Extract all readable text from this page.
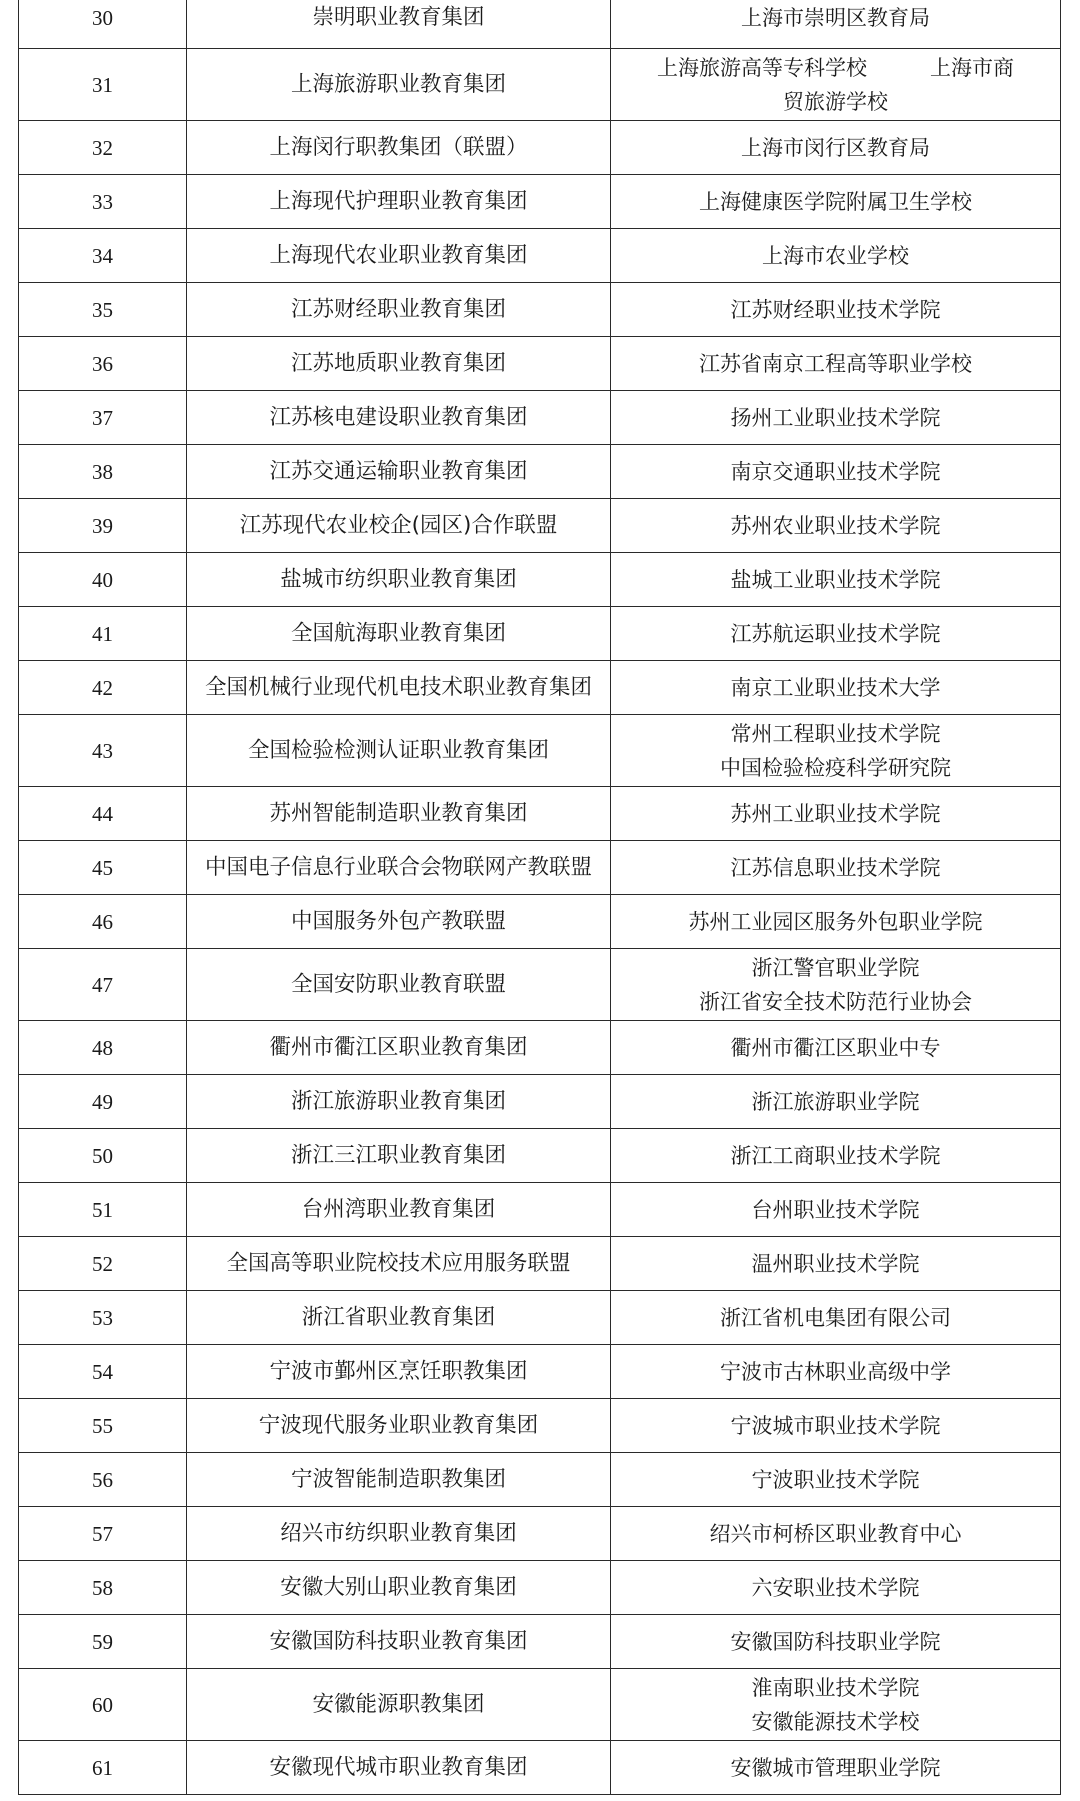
30	崇明职业教育集团	上海市崇明区教育局

31	上海旅游职业教育集团	上海旅游高等专科学校　　　上海市商
贸旅游学校

32	上海闵行职教集团（联盟）	上海市闵行区教育局

33	上海现代护理职业教育集团	上海健康医学院附属卫生学校

34	上海现代农业职业教育集团	上海市农业学校

35	江苏财经职业教育集团	江苏财经职业技术学院

36	江苏地质职业教育集团	江苏省南京工程高等职业学校

37	江苏核电建设职业教育集团	扬州工业职业技术学院

38	江苏交通运输职业教育集团	南京交通职业技术学院

39	江苏现代农业校企(园区)合作联盟	苏州农业职业技术学院

40	盐城市纺织职业教育集团	盐城工业职业技术学院

41	全国航海职业教育集团	江苏航运职业技术学院

42	全国机械行业现代机电技术职业教育集团	南京工业职业技术大学

43	全国检验检测认证职业教育集团	常州工程职业技术学院
中国检验检疫科学研究院

44	苏州智能制造职业教育集团	苏州工业职业技术学院

45	中国电子信息行业联合会物联网产教联盟	江苏信息职业技术学院

46	中国服务外包产教联盟	苏州工业园区服务外包职业学院

47	全国安防职业教育联盟	浙江警官职业学院
浙江省安全技术防范行业协会

48	衢州市衢江区职业教育集团	衢州市衢江区职业中专

49	浙江旅游职业教育集团	浙江旅游职业学院

50	浙江三江职业教育集团	浙江工商职业技术学院

51	台州湾职业教育集团	台州职业技术学院

52	全国高等职业院校技术应用服务联盟	温州职业技术学院

53	浙江省职业教育集团	浙江省机电集团有限公司

54	宁波市鄞州区烹饪职教集团	宁波市古林职业高级中学

55	宁波现代服务业职业教育集团	宁波城市职业技术学院

56	宁波智能制造职教集团	宁波职业技术学院

57	绍兴市纺织职业教育集团	绍兴市柯桥区职业教育中心

58	安徽大别山职业教育集团	六安职业技术学院

59	安徽国防科技职业教育集团	安徽国防科技职业学院

60	安徽能源职教集团	淮南职业技术学院
安徽能源技术学校

61	安徽现代城市职业教育集团	安徽城市管理职业学院
